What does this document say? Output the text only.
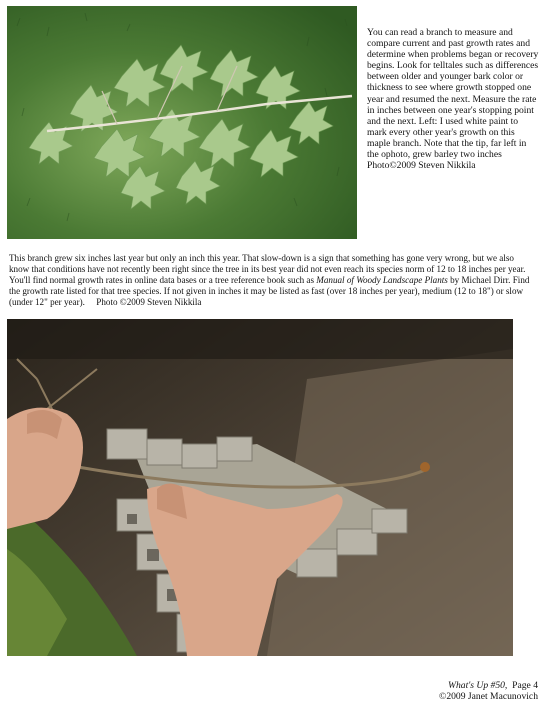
You can read a branch to measure and compare current and past growth rates and determine when problems began or recovery begins. Look for telltales such as differences between older and younger bark color or thickness to see where growth stopped one year and resumed the next. Measure the rate in inches between one year's stopping point and the next. Left: I used white paint to mark every other year's growth on this maple branch. Note that the tip, far left in the ophoto, grew barley two inches Photo©2009 Steven Nikkila

This branch grew six inches last year but only an inch this year. That slow-down is a sign that something has gone very wrong, but we also know that conditions have not recently been right since the tree in its best year did not even reach its species norm of 12 to 18 inches per year. You'll find normal growth rates in online data bases or a tree reference book such as Manual of Woody Landscape Plants by Michael Dirr. Find the growth rate listed for that tree species. If not given in inches it may be listed as fast (over 18 inches per year), medium (12 to 18") or slow (under 12" per year). Photo ©2009 Steven Nikkila

What's Up #50, Page 4
©2009 Janet Macunovich
